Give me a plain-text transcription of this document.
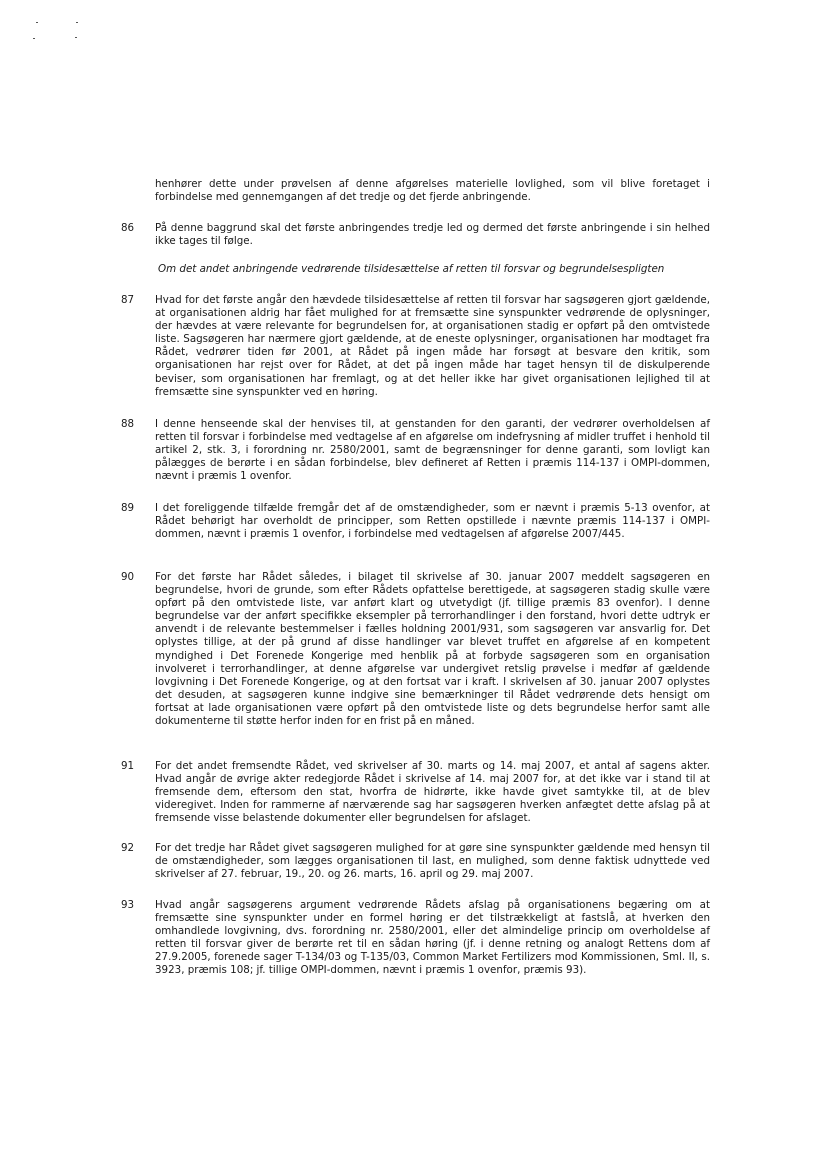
henhører dette under prøvelsen af denne afgørelses materielle lovlighed, som vil blive foretaget i forbindelse med gennemgangen af det tredje og det fjerde anbringende.
86 På denne baggrund skal det første anbringendes tredje led og dermed det første anbringende i sin helhed ikke tages til følge.
Om det andet anbringende vedrørende tilsidesættelse af retten til forsvar og begrundelsespligten
87 Hvad for det første angår den hævdede tilsidesættelse af retten til forsvar har sagsøgeren gjort gældende, at organisationen aldrig har fået mulighed for at fremsætte sine synspunkter vedrørende de oplysninger, der hævdes at være relevante for begrundelsen for, at organisationen stadig er opført på den omtvistede liste. Sagsøgeren har nærmere gjort gældende, at de eneste oplysninger, organisationen har modtaget fra Rådet, vedrører tiden før 2001, at Rådet på ingen måde har forsøgt at besvare den kritik, som organisationen har rejst over for Rådet, at det på ingen måde har taget hensyn til de diskulperende beviser, som organisationen har fremlagt, og at det heller ikke har givet organisationen lejlighed til at fremsætte sine synspunkter ved en høring.
88 I denne henseende skal der henvises til, at genstanden for den garanti, der vedrører overholdelsen af retten til forsvar i forbindelse med vedtagelse af en afgørelse om indefrysning af midler truffet i henhold til artikel 2, stk. 3, i forordning nr. 2580/2001, samt de begrænsninger for denne garanti, som lovligt kan pålægges de berørte i en sådan forbindelse, blev defineret af Retten i præmis 114-137 i OMPI-dommen, nævnt i præmis 1 ovenfor.
89 I det foreliggende tilfælde fremgår det af de omstændigheder, som er nævnt i præmis 5-13 ovenfor, at Rådet behørigt har overholdt de principper, som Retten opstillede i nævnte præmis 114-137 i OMPI-dommen, nævnt i præmis 1 ovenfor, i forbindelse med vedtagelsen af afgørelse 2007/445.
90 For det første har Rådet således, i bilaget til skrivelse af 30. januar 2007 meddelt sagsøgeren en begrundelse, hvori de grunde, som efter Rådets opfattelse berettigede, at sagsøgeren stadig skulle være opført på den omtvistede liste, var anført klart og utvetydigt (jf. tillige præmis 83 ovenfor). I denne begrundelse var der anført specifikke eksempler på terrorhandlinger i den forstand, hvori dette udtryk er anvendt i de relevante bestemmelser i fælles holdning 2001/931, som sagsøgeren var ansvarlig for. Det oplystes tillige, at der på grund af disse handlinger var blevet truffet en afgørelse af en kompetent myndighed i Det Forenede Kongerige med henblik på at forbyde sagsøgeren som en organisation involveret i terrorhandlinger, at denne afgørelse var undergivet retslig prøvelse i medfør af gældende lovgivning i Det Forenede Kongerige, og at den fortsat var i kraft. I skrivelsen af 30. januar 2007 oplystes det desuden, at sagsøgeren kunne indgive sine bemærkninger til Rådet vedrørende dets hensigt om fortsat at lade organisationen være opført på den omtvistede liste og dets begrundelse herfor samt alle dokumenterne til støtte herfor inden for en frist på en måned.
91 For det andet fremsendte Rådet, ved skrivelser af 30. marts og 14. maj 2007, et antal af sagens akter. Hvad angår de øvrige akter redegjorde Rådet i skrivelse af 14. maj 2007 for, at det ikke var i stand til at fremsende dem, eftersom den stat, hvorfra de hidrørte, ikke havde givet samtykke til, at de blev videregivet. Inden for rammerne af nærværende sag har sagsøgeren hverken anfægtet dette afslag på at fremsende visse belastende dokumenter eller begrundelsen for afslaget.
92 For det tredje har Rådet givet sagsøgeren mulighed for at gøre sine synspunkter gældende med hensyn til de omstændigheder, som lægges organisationen til last, en mulighed, som denne faktisk udnyttede ved skrivelser af 27. februar, 19., 20. og 26. marts, 16. april og 29. maj 2007.
93 Hvad angår sagsøgerens argument vedrørende Rådets afslag på organisationens begæring om at fremsætte sine synspunkter under en formel høring er det tilstrækkeligt at fastslå, at hverken den omhandlede lovgivning, dvs. forordning nr. 2580/2001, eller det almindelige princip om overholdelse af retten til forsvar giver de berørte ret til en sådan høring (jf. i denne retning og analogt Rettens dom af 27.9.2005, forenede sager T-134/03 og T-135/03, Common Market Fertilizers mod Kommissionen, Sml. II, s. 3923, præmis 108; jf. tillige OMPI-dommen, nævnt i præmis 1 ovenfor, præmis 93).
